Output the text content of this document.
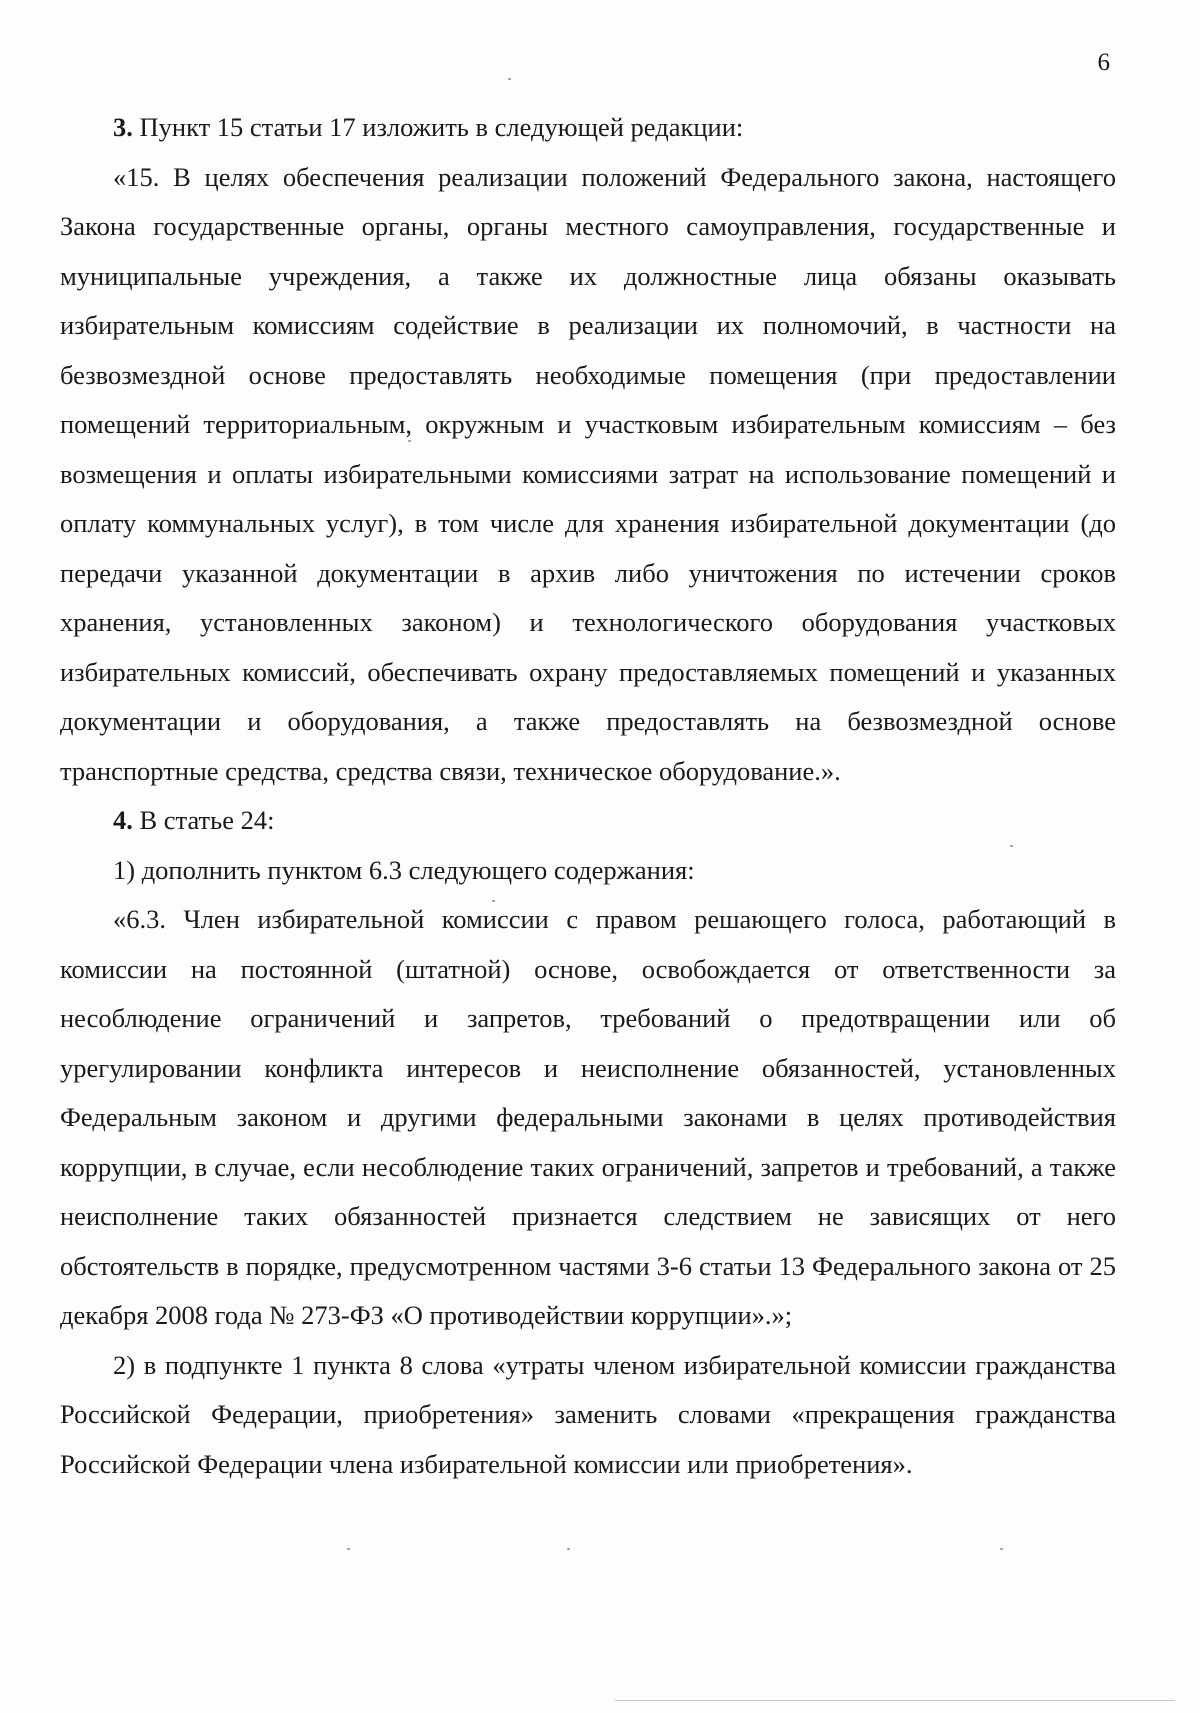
6

3. Пункт 15 статьи 17 изложить в следующей редакции:

«15. В целях обеспечения реализации положений Федерального закона, настоящего Закона государственные органы, органы местного самоуправления, государственные и муниципальные учреждения, а также их должностные лица обязаны оказывать избирательным комиссиям содействие в реализации их полномочий, в частности на безвозмездной основе предоставлять необходимые помещения (при предоставлении помещений территориальным, окружным и участковым избирательным комиссиям – без возмещения и оплаты избирательными комиссиями затрат на использование помещений и оплату коммунальных услуг), в том числе для хранения избирательной документации (до передачи указанной документации в архив либо уничтожения по истечении сроков хранения, установленных законом) и технологического оборудования участковых избирательных комиссий, обеспечивать охрану предоставляемых помещений и указанных документации и оборудования, а также предоставлять на безвозмездной основе транспортные средства, средства связи, техническое оборудование.».

4. В статье 24:

1) дополнить пунктом 6.3 следующего содержания:

«6.3. Член избирательной комиссии с правом решающего голоса, работающий в комиссии на постоянной (штатной) основе, освобождается от ответственности за несоблюдение ограничений и запретов, требований о предотвращении или об урегулировании конфликта интересов и неисполнение обязанностей, установленных Федеральным законом и другими федеральными законами в целях противодействия коррупции, в случае, если несоблюдение таких ограничений, запретов и требований, а также неисполнение таких обязанностей признается следствием не зависящих от него обстоятельств в порядке, предусмотренном частями 3-6 статьи 13 Федерального закона от 25 декабря 2008 года № 273-ФЗ «О противодействии коррупции».»;

2) в подпункте 1 пункта 8 слова «утраты членом избирательной комиссии гражданства Российской Федерации, приобретения» заменить словами «прекращения гражданства Российской Федерации члена избирательной комиссии или приобретения».
